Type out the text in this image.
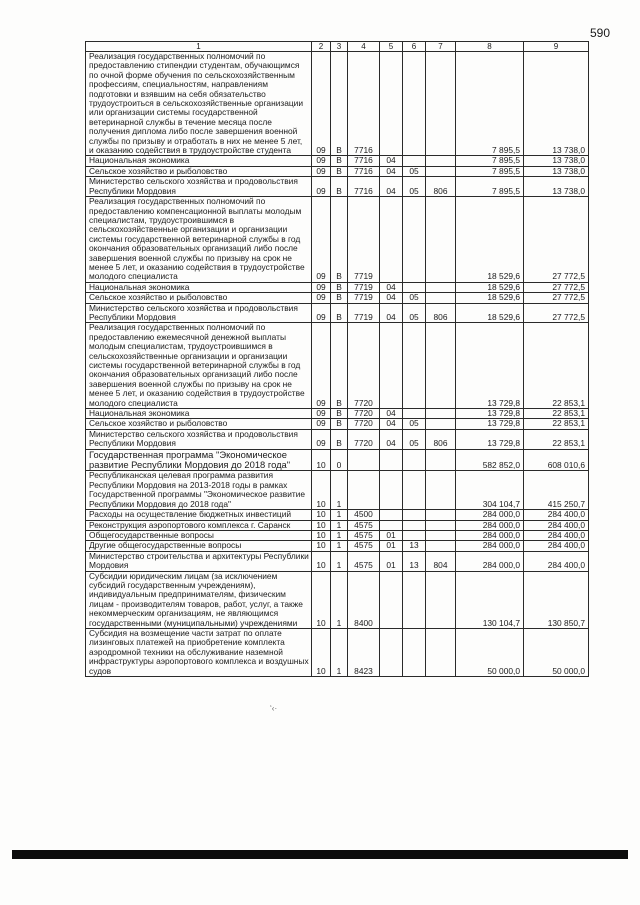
590
1	2	3	4	5	6	7	8	9
Реализация государственных полномочий по предоставлению стипендии студентам, обучающимся по очной форме обучения по сельскохозяйственным профессиям, специальностям, направлениям подготовки и взявшим на себя обязательство трудоустроиться в сельскохозяйственные организации или организации системы государственной ветеринарной службы в течение месяца после получения диплома либо после завершения военной службы по призыву и отработать в них не менее 5 лет, и оказанию содействия в трудоустройстве студента	09	В	7716				7 895,5	13 738,0
Национальная экономика	09	В	7716	04			7 895,5	13 738,0
Сельское хозяйство и рыболовство	09	В	7716	04	05		7 895,5	13 738,0
Министерство сельского хозяйства и продовольствия Республики Мордовия	09	В	7716	04	05	806	7 895,5	13 738,0
Реализация государственных полномочий по предоставлению компенсационной выплаты молодым специалистам, трудоустроившимся в сельскохозяйственные организации и организации системы государственной ветеринарной службы в год окончания образовательных организаций либо после завершения военной службы по призыву на срок не менее 5 лет, и оказанию содействия в трудоустройстве молодого специалиста	09	В	7719				18 529,6	27 772,5
Национальная экономика	09	В	7719	04			18 529,6	27 772,5
Сельское хозяйство и рыболовство	09	В	7719	04	05		18 529,6	27 772,5
Министерство сельского хозяйства и продовольствия Республики Мордовия	09	В	7719	04	05	806	18 529,6	27 772,5
Реализация государственных полномочий по предоставлению ежемесячной денежной выплаты молодым специалистам, трудоустроившимся в сельскохозяйственные организации и организации системы государственной ветеринарной службы в год окончания образовательных организаций либо после завершения военной службы по призыву на срок не менее 5 лет, и оказанию содействия в трудоустройстве молодого специалиста	09	В	7720				13 729,8	22 853,1
Национальная экономика	09	В	7720	04			13 729,8	22 853,1
Сельское хозяйство и рыболовство	09	В	7720	04	05		13 729,8	22 853,1
Министерство сельского хозяйства и продовольствия Республики Мордовия	09	В	7720	04	05	806	13 729,8	22 853,1
Государственная программа "Экономическое развитие Республики Мордовия до 2018 года"	10	0					582 852,0	608 010,6
Республиканская целевая программа развития Республики Мордовия на 2013-2018 годы в рамках Государственной программы "Экономическое развитие Республики Мордовия до 2018 года"	10	1					304 104,7	415 250,7
Расходы на осуществление бюджетных инвестиций	10	1	4500				284 000,0	284 400,0
Реконструкция аэропортового комплекса г. Саранск	10	1	4575				284 000,0	284 400,0
Общегосударственные вопросы	10	1	4575	01			284 000,0	284 400,0
Другие общегосударственные вопросы	10	1	4575	01	13		284 000,0	284 400,0
Министерство строительства и архитектуры Республики Мордовия	10	1	4575	01	13	804	284 000,0	284 400,0
Субсидии юридическим лицам (за исключением субсидий государственным учреждениям), индивидуальным предпринимателям, физическим лицам - производителям товаров, работ, услуг, а также некоммерческим организациям, не являющимся государственными (муниципальными) учреждениями	10	1	8400				130 104,7	130 850,7
Субсидия на возмещение части затрат по оплате лизинговых платежей на приобретение комплекта аэродромной техники на обслуживание наземной инфраструктуры аэропортового комплекса и воздушных судов	10	1	8423				50 000,0	50 000,0
‘‹·
